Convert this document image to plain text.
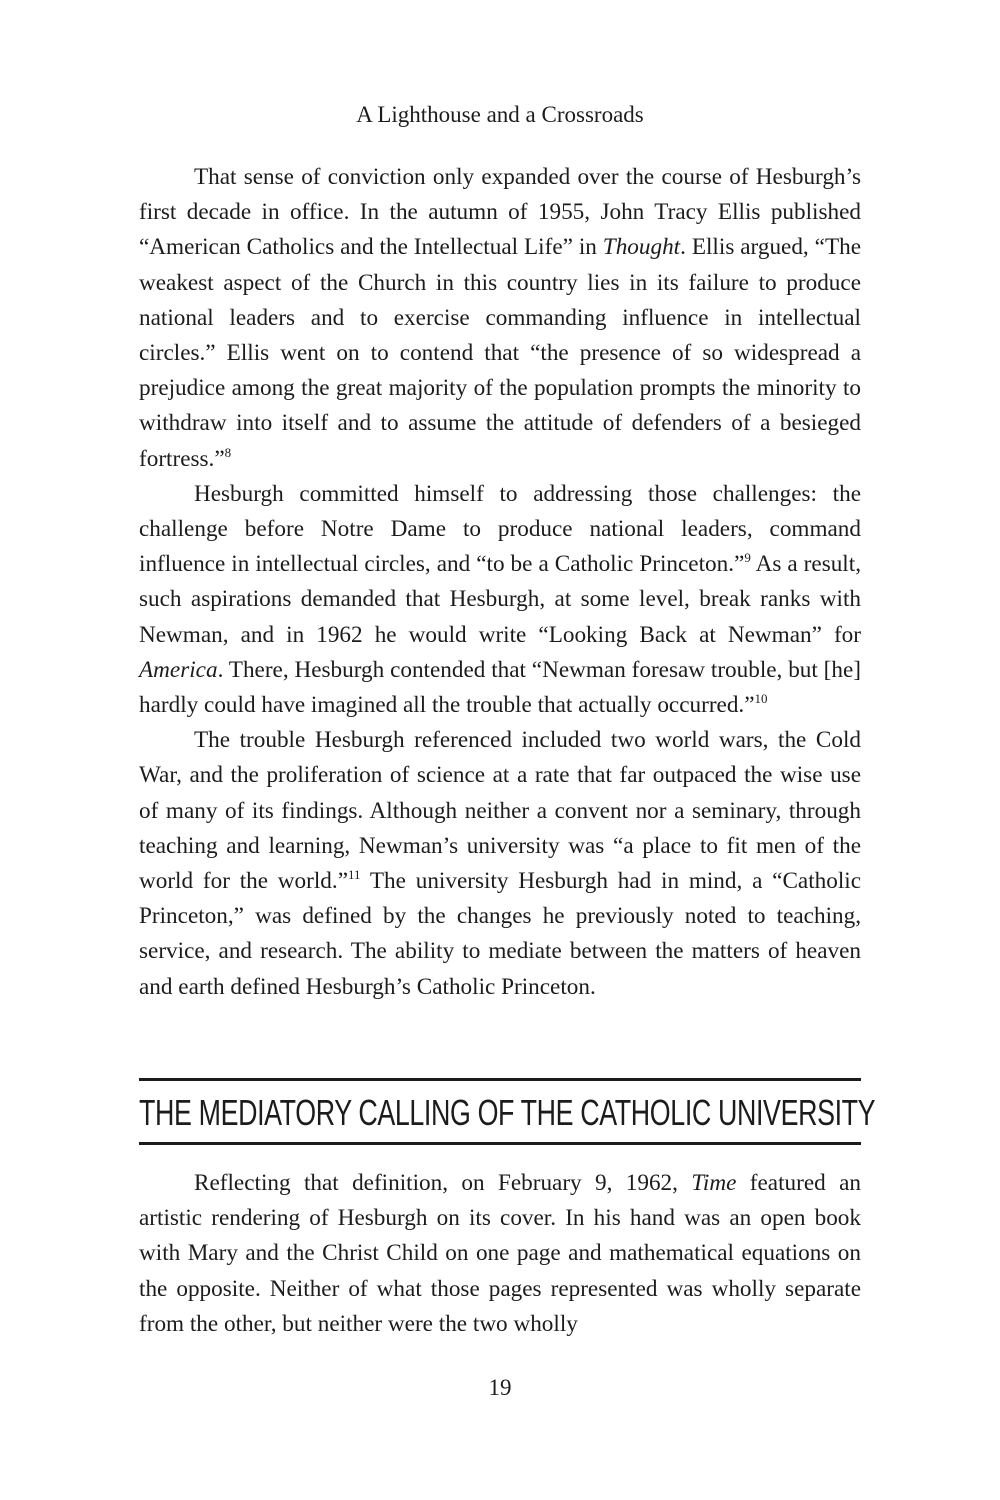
A Lighthouse and a Crossroads

That sense of conviction only expanded over the course of Hesburgh’s first decade in office. In the autumn of 1955, John Tracy Ellis published “American Catholics and the Intellectual Life” in Thought. Ellis argued, “The weakest aspect of the Church in this country lies in its failure to produce national leaders and to exercise commanding influence in intellectual circles.” Ellis went on to contend that “the presence of so widespread a prejudice among the great majority of the population prompts the minority to withdraw into itself and to assume the attitude of defenders of a besieged fortress.”$^8$

Hesburgh committed himself to addressing those challenges: the challenge before Notre Dame to produce national leaders, command influence in intellectual circles, and “to be a Catholic Princeton.”$^9$ As a result, such aspirations demanded that Hesburgh, at some level, break ranks with Newman, and in 1962 he would write “Looking Back at Newman” for America. There, Hesburgh contended that “Newman foresaw trouble, but [he] hardly could have imagined all the trouble that actually occurred.”$^{10}$

The trouble Hesburgh referenced included two world wars, the Cold War, and the proliferation of science at a rate that far outpaced the wise use of many of its findings. Although neither a convent nor a seminary, through teaching and learning, Newman’s university was “a place to fit men of the world for the world.”$^{11}$ The university Hesburgh had in mind, a “Catholic Princeton,” was defined by the changes he previously noted to teaching, service, and research. The ability to mediate between the matters of heaven and earth defined Hesburgh’s Catholic Princeton.

THE MEDIATORY CALLING OF THE CATHOLIC UNIVERSITY

Reflecting that definition, on February 9, 1962, Time featured an artistic rendering of Hesburgh on its cover. In his hand was an open book with Mary and the Christ Child on one page and mathematical equations on the opposite. Neither of what those pages represented was wholly separate from the other, but neither were the two wholly

19
